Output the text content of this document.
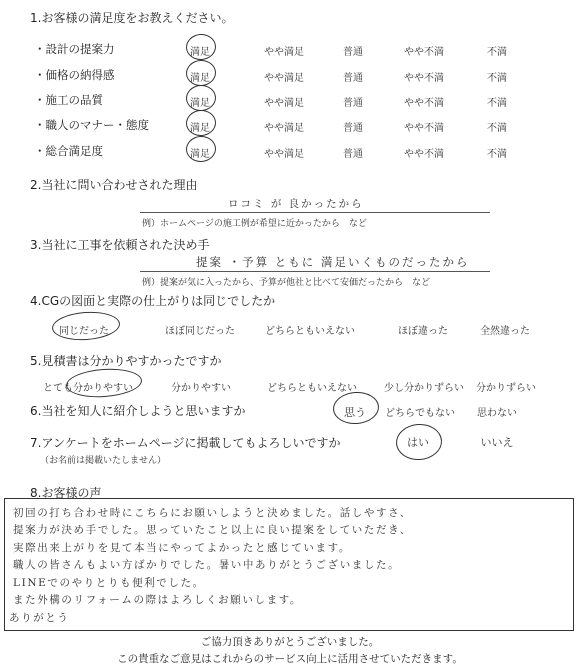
1.お客様の満足度をお教えください。
・設計の提案力	満足	やや満足	普通	やや不満	不満
・価格の納得感	満足	やや満足	普通	やや不満	不満
・施工の品質	満足	やや満足	普通	やや不満	不満
・職人のマナー・態度	満足	やや満足	普通	やや不満	不満
・総合満足度	満足	やや満足	普通	やや不満	不満
2.当社に問い合わせされた理由
ロコミ が 良かったから
例）ホームページの施工例が希望に近かったから　など
3.当社に工事を依頼された決め手
提案 ・予算 ともに 満足いくものだったから
例）提案が気に入ったから、予算が他社と比べて安価だったから　など
4.CGの図面と実際の仕上がりは同じでしたか
同じだった	ほぼ同じだった	どちらともいえない	ほぼ違った	全然違った
5.見積書は分かりやすかったですか
とても分かりやすい	分かりやすい	どちらともいえない	少し分かりずらい 分かりずらい
6.当社を知人に紹介しようと思いますか	思う どちらでもない 思わない
7.アンケートをホームページに掲載してもよろしいですか
（お名前は掲載いたしません）
はい	いいえ
8.お客様の声
初回の打ち合わせ時にこちらにお願いしようと決めました。話しやすさ、
提案力が決め手でした。思っていたこと以上に良い提案をしていただき、
実際出来上がりを見て本当にやってよかったと感じています。
職人の皆さんもよい方ばかりでした。暑い中ありがとうございました。
LINEでのやりとりも便利でした。
また外構のリフォームの際はよろしくお願いします。
ありがとう
ご協力頂きありがとうございました。
この貴重なご意見はこれからのサービス向上に活用させていただきます。
